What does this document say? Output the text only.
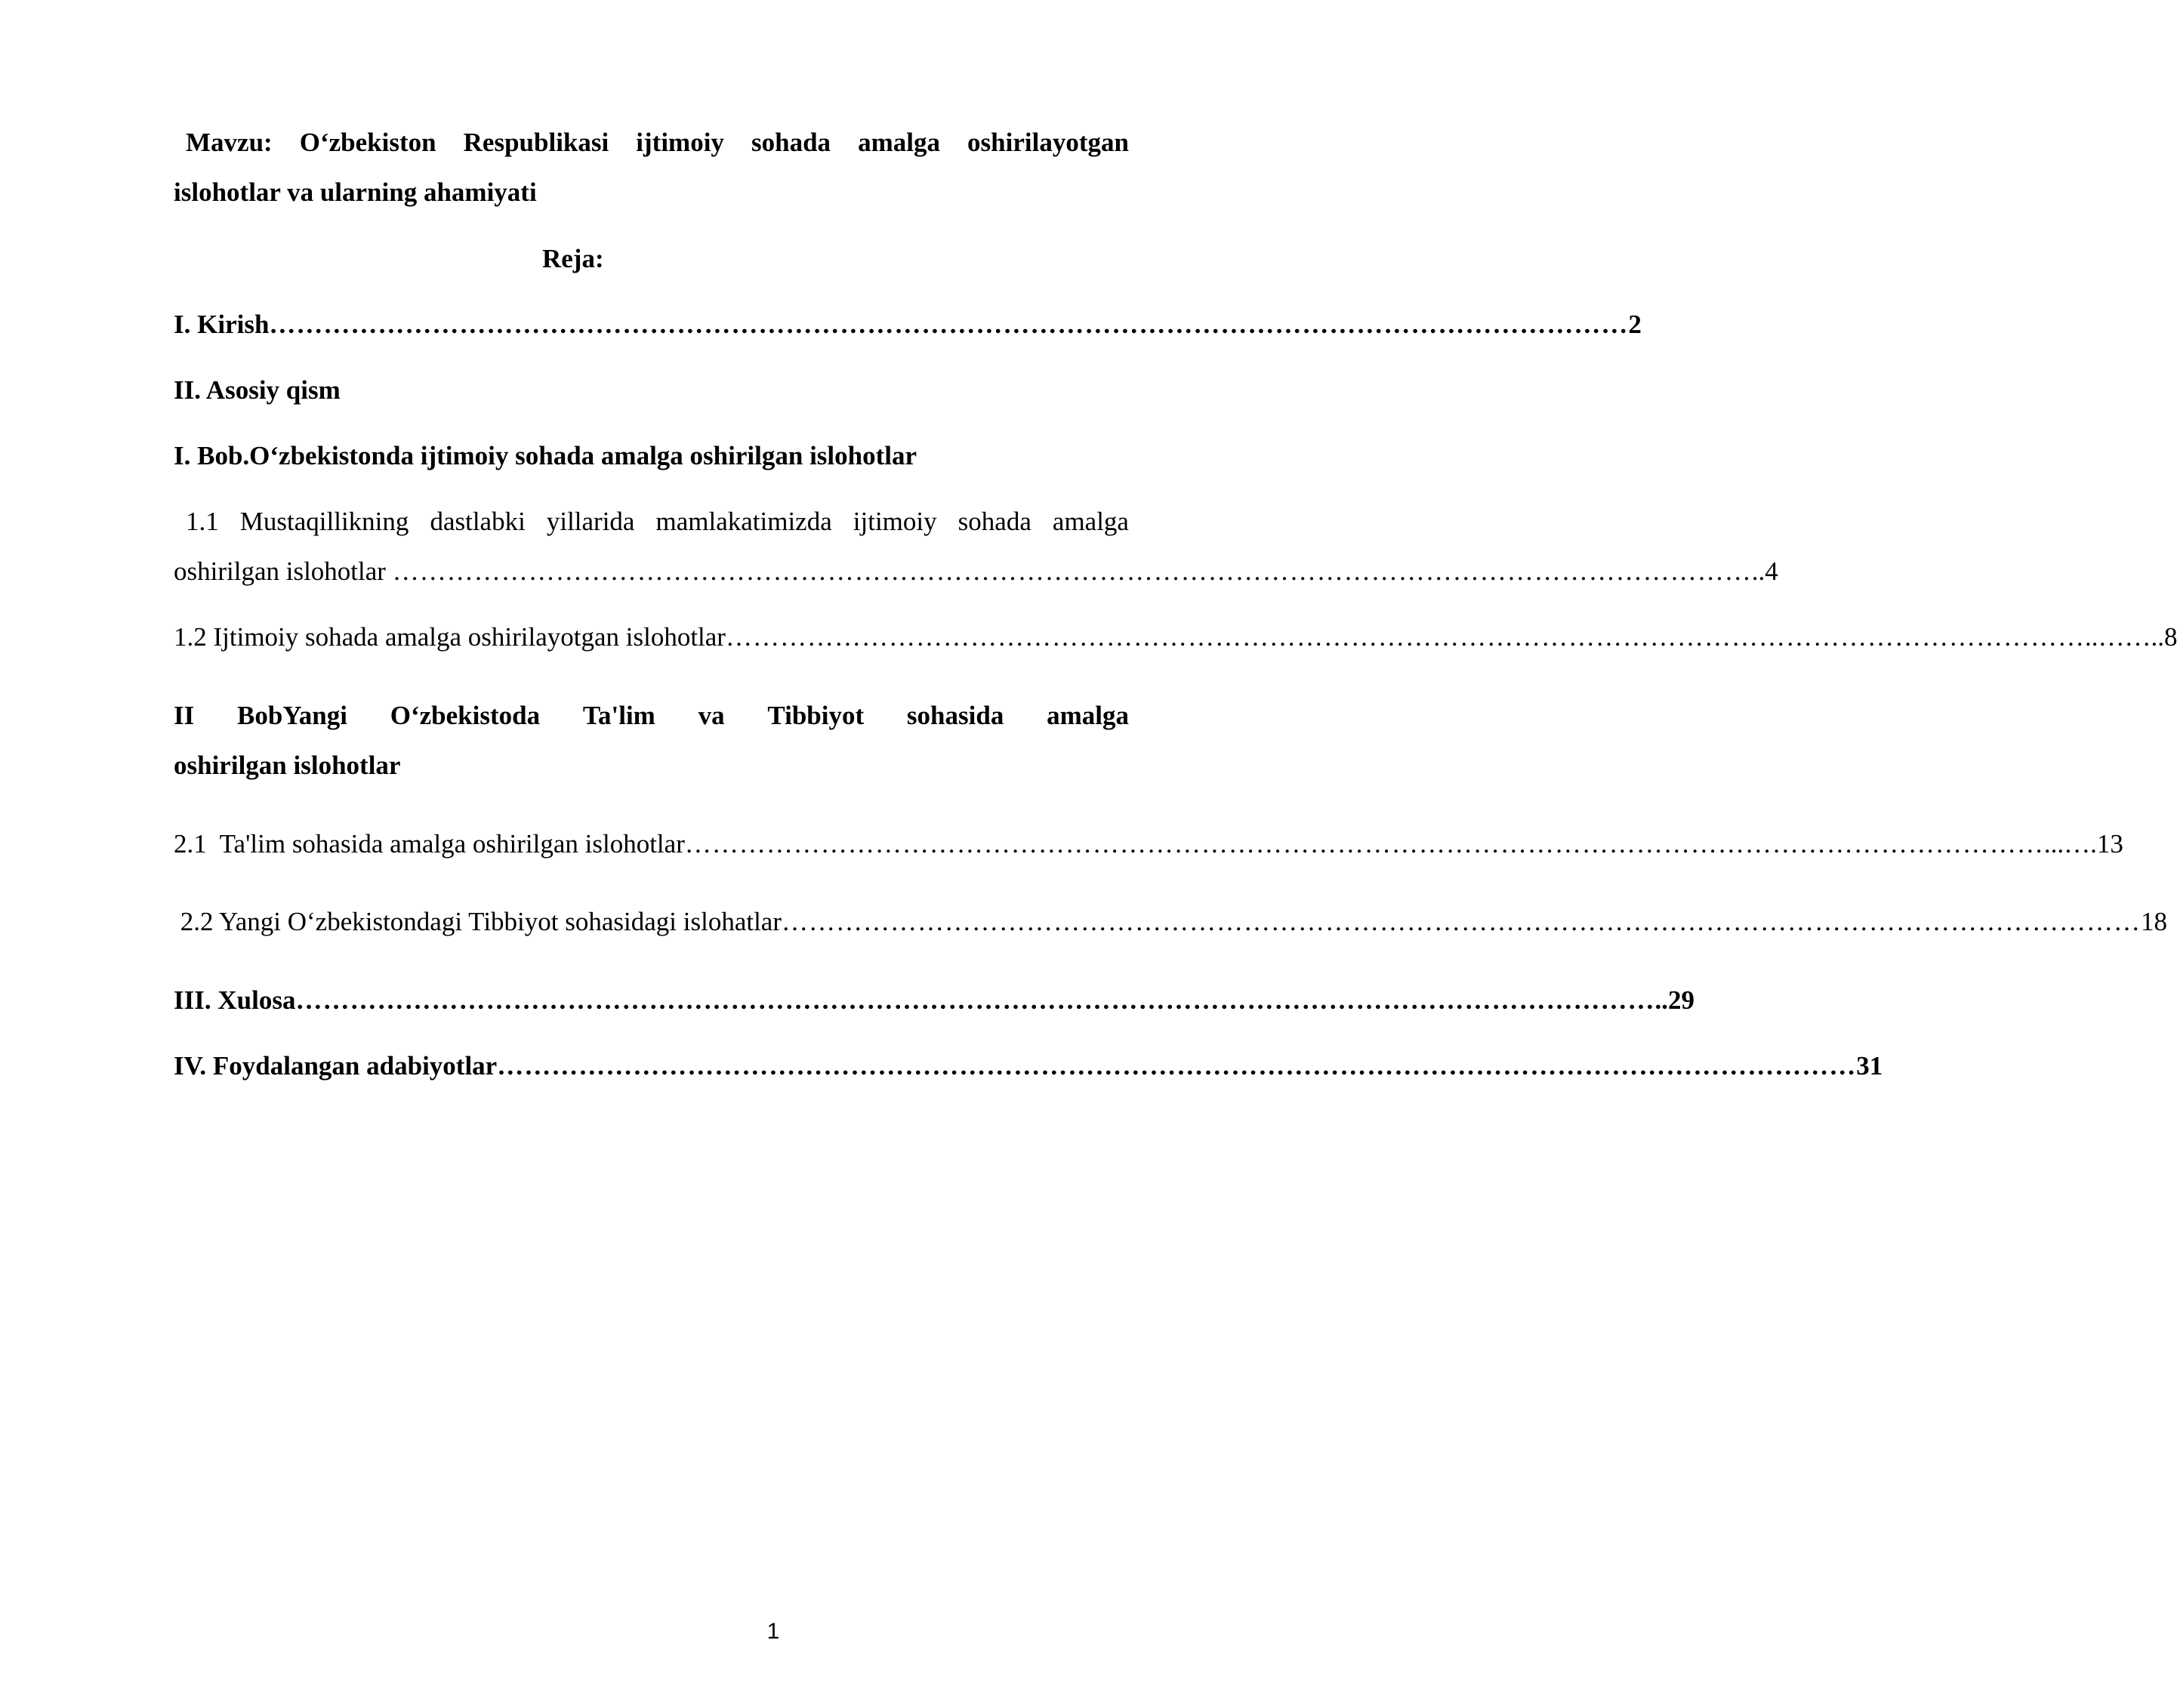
Mavzu: O‘zbekiston Respublikasi ijtimoiy sohada amalga oshirilayotgan
islohotlar va ularning ahamiyati
Reja:
I. Kirish …………………………………………………………………………………………………………………………………… 2
II. Asosiy qism
I. Bob.O‘zbekistonda ijtimoiy sohada amalga oshirilgan islohotlar
1.1 Mustaqillikning dastlabki yillarida mamlakatimizda ijtimoiy sohada amalga
oshirilgan islohotlar …………………………………………………………………………………………………………………………………… ..4
1.2 Ijtimoiy sohada amalga oshirilayotgan islohotlar …………………………………………………………………………………………………………………………………… ..……..8
II BobYangi O‘zbekistoda Ta'lim va Tibbiyot sohasida amalga
oshirilgan islohotlar
2.1  Ta'lim sohasida amalga oshirilgan islohotlar …………………………………………………………………………………………………………………………………… ...….13
2.2 Yangi O‘zbekistondagi Tibbiyot sohasidagi islohatlar …………………………………………………………………………………………………………………………………… 18
III. Xulosa …………………………………………………………………………………………………………………………………… ..29
IV. Foydalangan adabiyotlar …………………………………………………………………………………………………………………………………… 31
1
